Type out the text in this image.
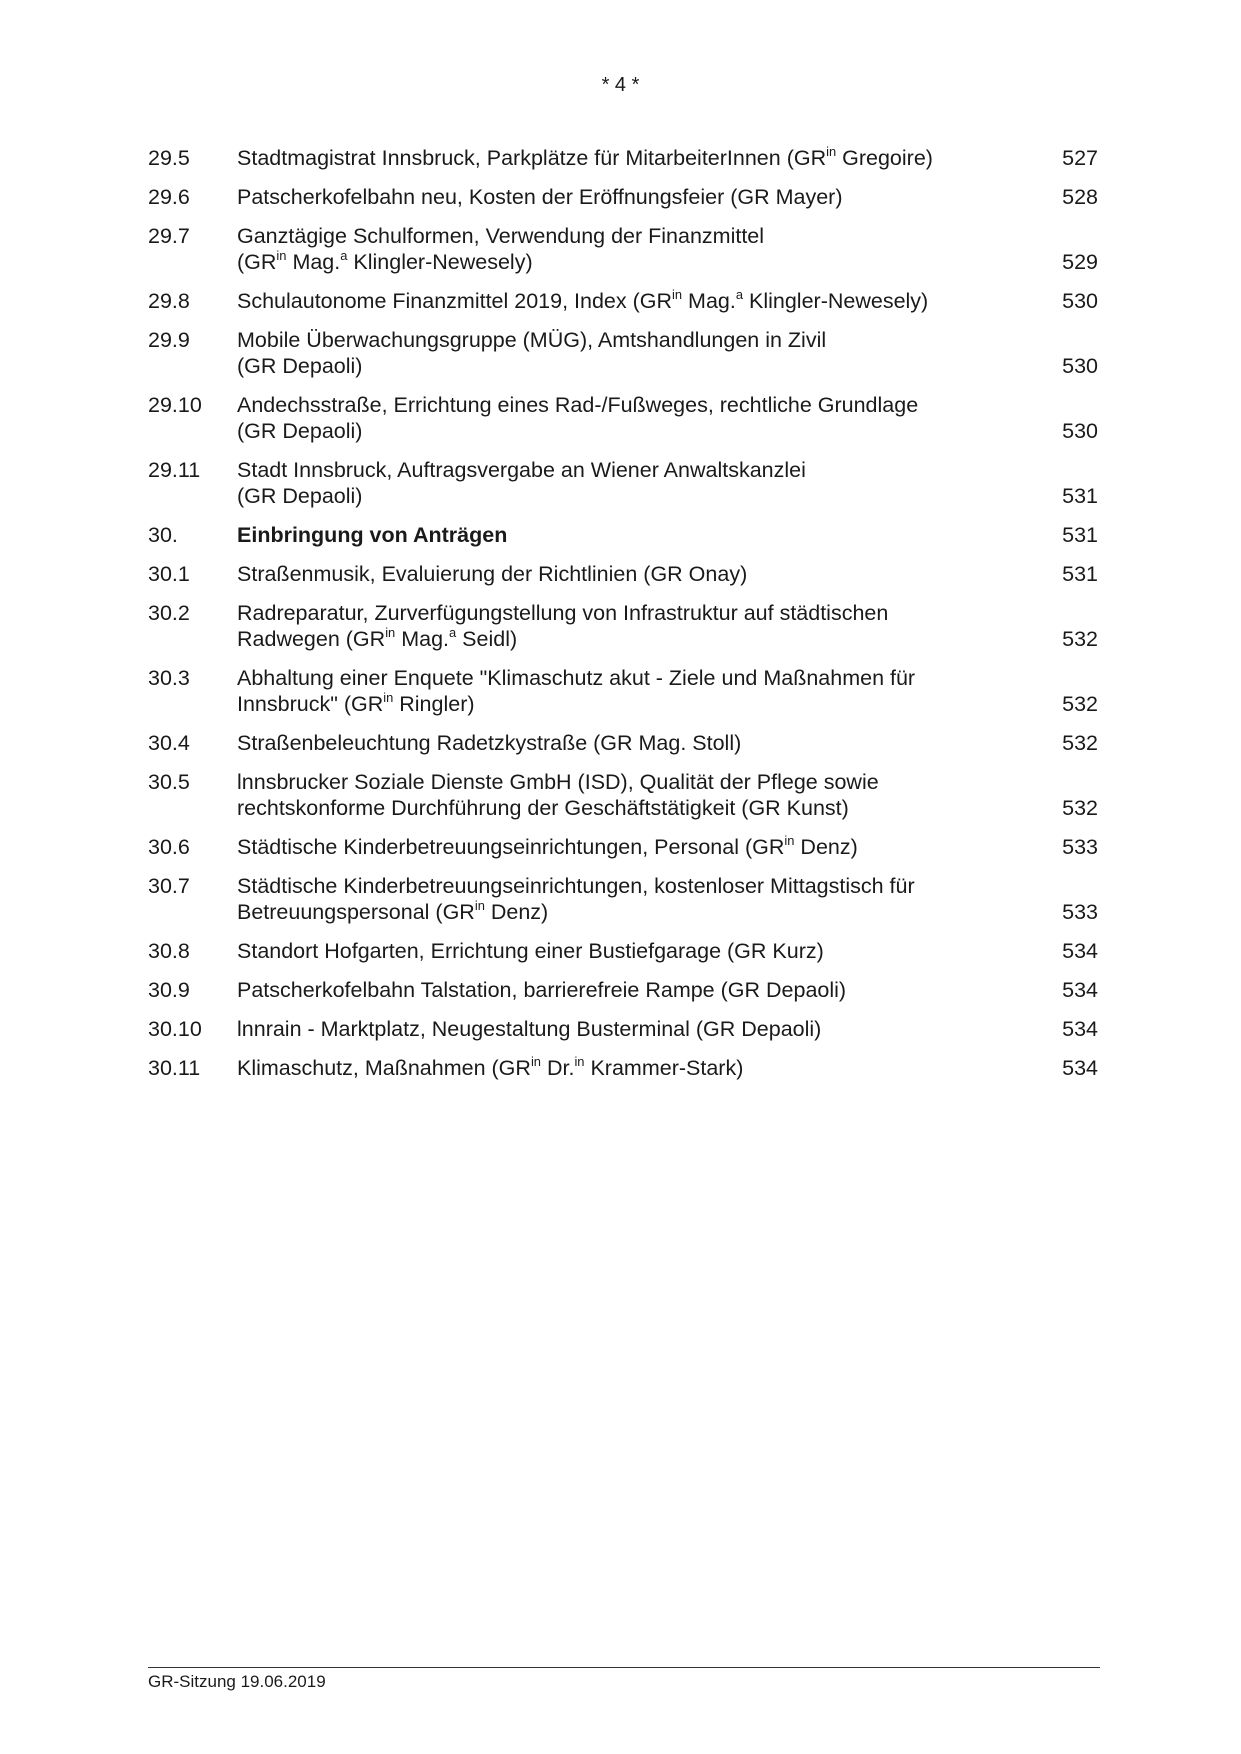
* 4 *
29.5	Stadtmagistrat Innsbruck, Parkplätze für MitarbeiterInnen ($GR^{in}$ Gregoire)	527
29.6	Patscherkofelbahn neu, Kosten der Eröffnungsfeier (GR Mayer)	528
29.7	Ganztägige Schulformen, Verwendung der Finanzmittel
($GR^{in}$ Mag.$^a$ Klingler-Newesely)	529
29.8	Schulautonome Finanzmittel 2019, Index ($GR^{in}$ Mag.$^a$ Klingler-Newesely)	530
29.9	Mobile Überwachungsgruppe (MÜG), Amtshandlungen in Zivil
(GR Depaoli)	530
29.10	Andechsstraße, Errichtung eines Rad-/Fußweges, rechtliche Grundlage
(GR Depaoli)	530
29.11	Stadt Innsbruck, Auftragsvergabe an Wiener Anwaltskanzlei
(GR Depaoli)	531
30.	Einbringung von Anträgen	531
30.1	Straßenmusik, Evaluierung der Richtlinien (GR Onay)	531
30.2	Radreparatur, Zurverfügungstellung von Infrastruktur auf städtischen
Radwegen ($GR^{in}$ Mag.$^a$ Seidl)	532
30.3	Abhaltung einer Enquete "Klimaschutz akut - Ziele und Maßnahmen für
Innsbruck" ($GR^{in}$ Ringler)	532
30.4	Straßenbeleuchtung Radetzkystraße (GR Mag. Stoll)	532
30.5	lnnsbrucker Soziale Dienste GmbH (ISD), Qualität der Pflege sowie
rechtskonforme Durchführung der Geschäftstätigkeit (GR Kunst)	532
30.6	Städtische Kinderbetreuungseinrichtungen, Personal ($GR^{in}$ Denz)	533
30.7	Städtische Kinderbetreuungseinrichtungen, kostenloser Mittagstisch für
Betreuungspersonal ($GR^{in}$ Denz)	533
30.8	Standort Hofgarten, Errichtung einer Bustiefgarage (GR Kurz)	534
30.9	Patscherkofelbahn Talstation, barrierefreie Rampe (GR Depaoli)	534
30.10	lnnrain - Marktplatz, Neugestaltung Busterminal (GR Depaoli)	534
30.11	Klimaschutz, Maßnahmen ($GR^{in}$ Dr.$^{in}$ Krammer-Stark)	534
GR-Sitzung 19.06.2019
